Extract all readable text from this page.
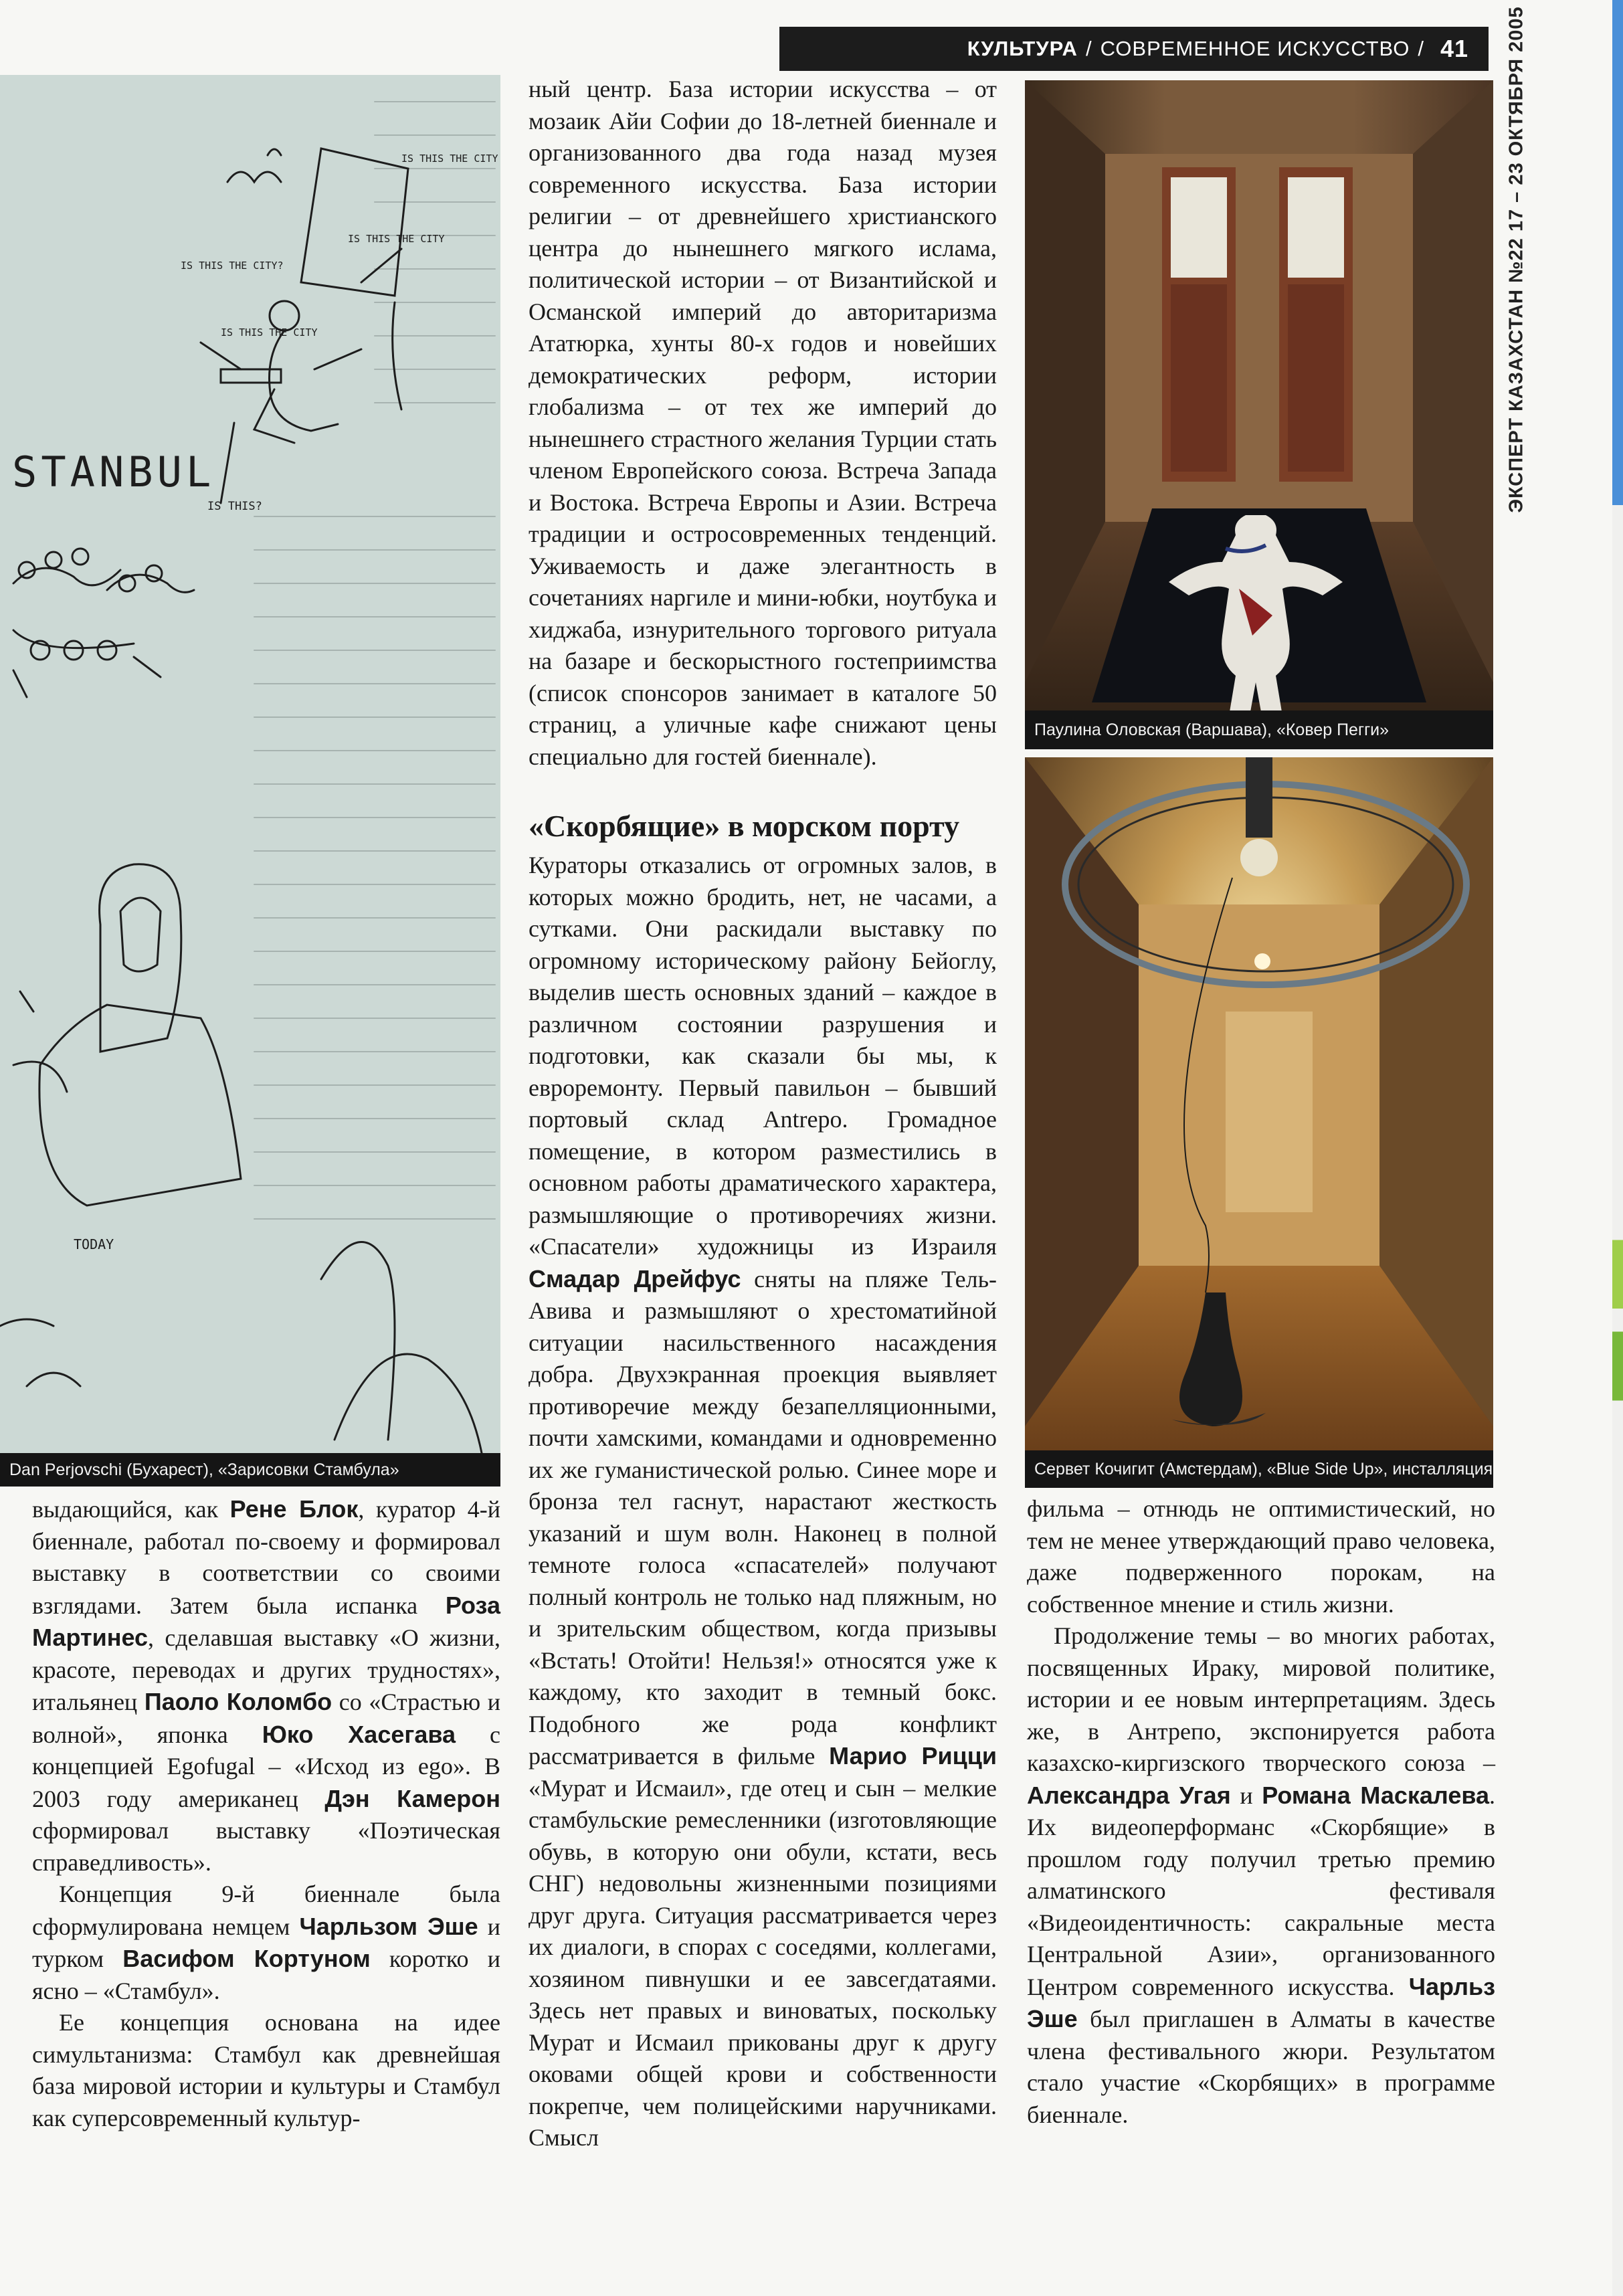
КУЛЬТУРА / СОВРЕМЕННОЕ ИСКУССТВО / 41 ЭКСПЕРТ КАЗАХСТАН №22 17 – 23 ОКТЯБРЯ 2005
STANBUL
IS THIS THE CITY
IS THIS THE CITY?
IS THIS THE CITY
IS THIS THE CITY
IS THIS?
TODAY
Dan Perjovschi (Бухарест), «Зарисовки Стамбула»
Паулина Оловская (Варшава), «Ковер Пегги»
Сервет Кочигит (Амстердам), «Blue Side Up», инсталляция

ный центр. База истории искусства – от мозаик Айи Софии до 18-летней биеннале и организованного два года назад музея современного искусства. База истории религии – от древнейшего христианского центра до нынешнего мягкого ислама, политической истории – от Византийской и Османской империй до авторитаризма Ататюрка, хунты 80-х годов и новейших демократических реформ, истории глобализма – от тех же империй до нынешнего страстного желания Турции стать членом Европейского союза. Встреча Запада и Востока. Встреча Европы и Азии. Встреча традиции и остросовременных тенденций. Уживаемость и даже элегантность в сочетаниях наргиле и мини-юбки, ноутбука и хиджаба, изнурительного торгового ритуала на базаре и бескорыстного гостеприимства (список спонсоров занимает в каталоге 50 страниц, а уличные кафе снижают цены специально для гостей биеннале).

«Скорбящие» в морском порту

Кураторы отказались от огромных залов, в которых можно бродить, нет, не часами, а сутками. Они раскидали выставку по огромному историческому району Бейоглу, выделив шесть основных зданий – каждое в различном состоянии разрушения и подготовки, как сказали бы мы, к евроремонту. Первый павильон – бывший портовый склад Antrepo. Громадное помещение, в котором разместились в основном работы драматического характера, размышляющие о противоречиях жизни. «Спасатели» художницы из Израиля Смадар Дрейфус сняты на пляже Тель-Авива и размышляют о хрестоматийной ситуации насильственного насаждения добра. Двухэкранная проекция выявляет противоречие между безапелляционными, почти хамскими, командами и одновременно их же гуманистической ролью. Синее море и бронза тел гаснут, нарастают жесткость указаний и шум волн. Наконец в полной темноте голоса «спасателей» получают полный контроль не только над пляжным, но и зрительским обществом, когда призывы «Встать! Отойти! Нельзя!» относятся уже к каждому, кто заходит в темный бокс. Подобного же рода конфликт рассматривается в фильме Марио Рицци «Мурат и Исмаил», где отец и сын – мелкие стамбульские ремесленники (изготовляющие обувь, в которую они обули, кстати, весь СНГ) недовольны жизненными позициями друг друга. Ситуация рассматривается через их диалоги, в спорах с соседями, коллегами, хозяином пивнушки и ее завсегдатаями. Здесь нет правых и виноватых, поскольку Мурат и Исмаил прикованы друг к другу оковами общей крови и собственности покрепче, чем полицейскими наручниками. Смысл

выдающийся, как Рене Блок, куратор 4-й биеннале, работал по-своему и формировал выставку в соответствии со своими взглядами. Затем была испанка Роза Мартинес, сделавшая выставку «О жизни, красоте, переводах и других трудностях», итальянец Паоло Коломбо со «Страстью и волной», японка Юко Хасегава с концепцией Egofugal – «Исход из ego». В 2003 году американец Дэн Камерон сформировал выставку «Поэтическая справедливость».

Концепция 9-й биеннале была сформулирована немцем Чарльзом Эше и турком Васифом Кортуном коротко и ясно – «Стамбул».

Ее концепция основана на идее симультанизма: Стамбул как древнейшая база мировой истории и культуры и Стамбул как суперсовременный культур-

фильма – отнюдь не оптимистический, но тем не менее утверждающий право человека, даже подверженного порокам, на собственное мнение и стиль жизни.

Продолжение темы – во многих работах, посвященных Ираку, мировой политике, истории и ее новым интерпретациям. Здесь же, в Антрепо, экспонируется работа казахско-киргизского творческого союза – Александра Угая и Романа Маскалева. Их видеоперформанс «Скорбящие» в прошлом году получил третью премию алматинского фестиваля «Видеоидентичность: сакральные места Центральной Азии», организованного Центром современного искусства. Чарльз Эше был приглашен в Алматы в качестве члена фестивального жюри. Результатом стало участие «Скорбящих» в программе биеннале.
